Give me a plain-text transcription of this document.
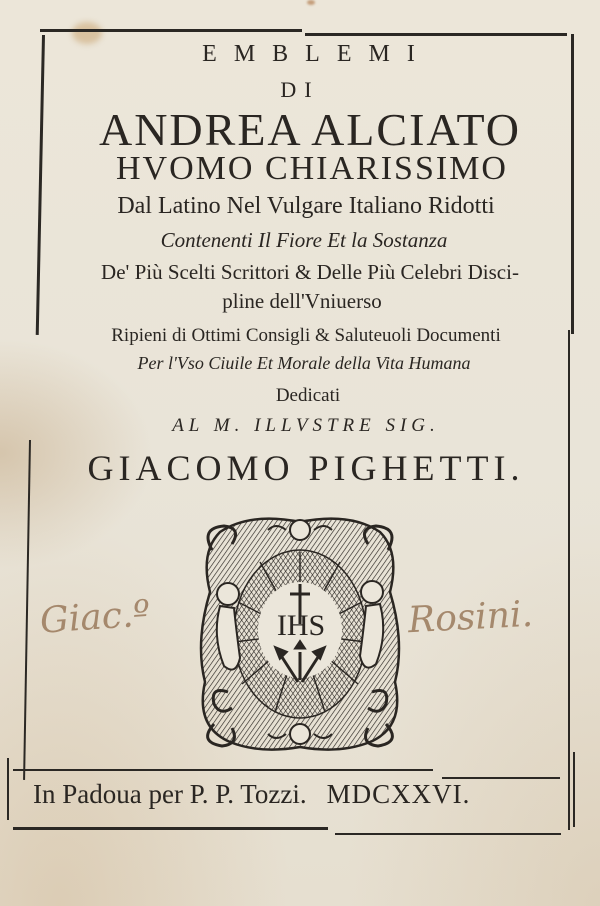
EMBLEMI
DI
ANDREA ALCIATO
HVOMO CHIARISSIMO
Dal Latino Nel Vulgare Italiano Ridotti
Contenenti Il Fiore Et la Sostanza
De' Più Scelti Scrittori & Delle Più Celebri Disci-
pline dell'Vniuerso
Ripieni di Ottimi Consigli & Saluteuoli Documenti
Per l'Vso Ciuile Et Morale della Vita Humana
Dedicati
AL M. ILLVSTRE SIG.
GIACOMO PIGHETTI.
Giac.º	Rosini.
IHS
In Padoua per P. P. Tozzi. MDCXXVI.
